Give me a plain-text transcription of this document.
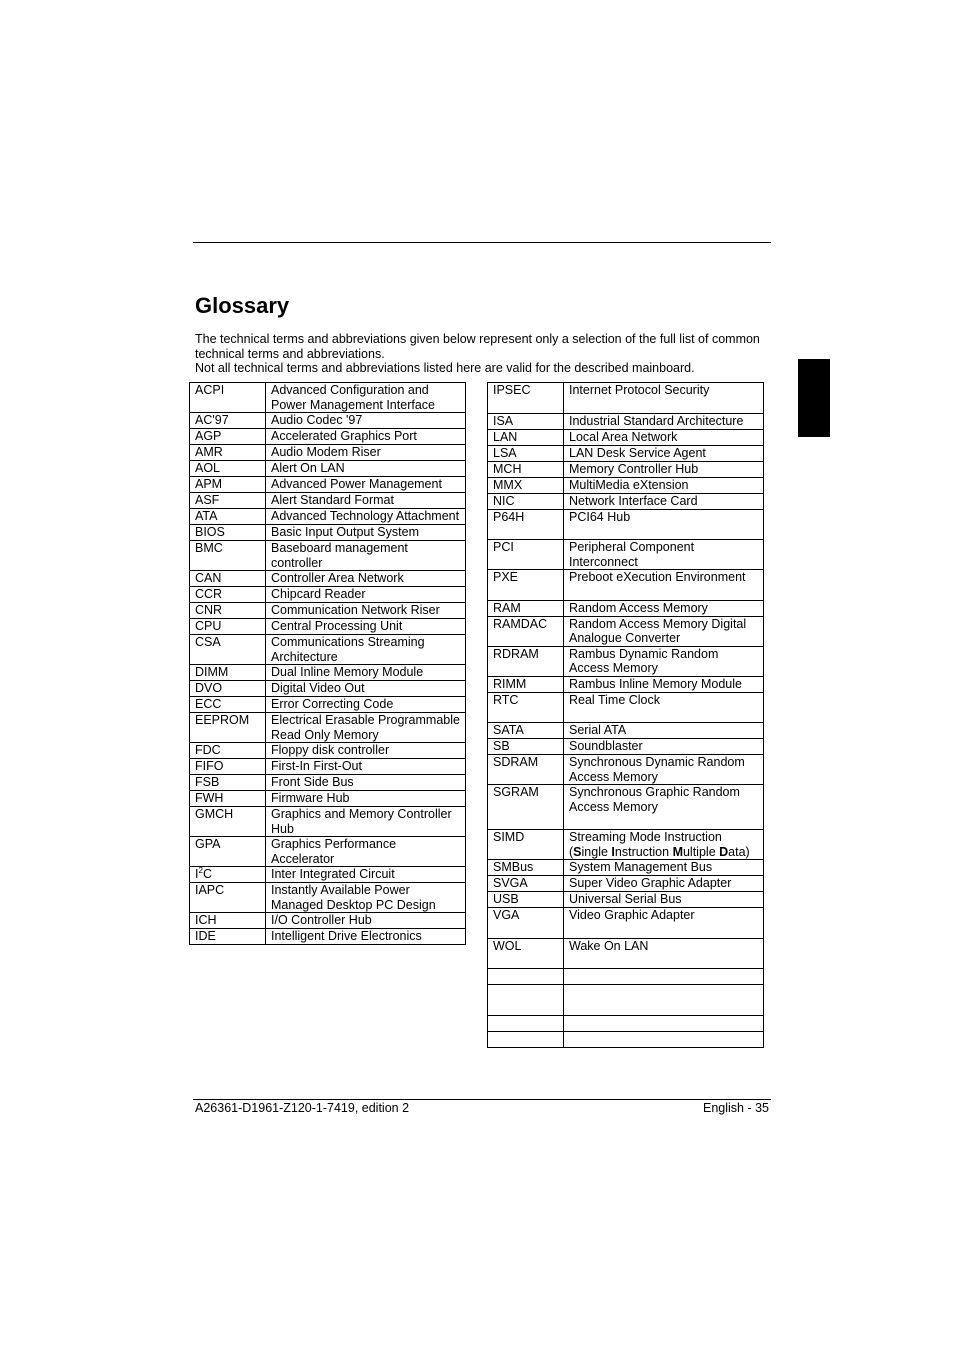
Glossary

The technical terms and abbreviations given below represent only a selection of the full list of common technical terms and abbreviations.

Not all technical terms and abbreviations listed here are valid for the described mainboard.

ACPI	Advanced Configuration and Power Management Interface
AC'97	Audio Codec '97
AGP	Accelerated Graphics Port
AMR	Audio Modem Riser
AOL	Alert On LAN
APM	Advanced Power Management
ASF	Alert Standard Format
ATA	Advanced Technology Attachment
BIOS	Basic Input Output System
BMC	Baseboard management controller
CAN	Controller Area Network
CCR	Chipcard Reader
CNR	Communication Network Riser
CPU	Central Processing Unit
CSA	Communications Streaming Architecture
DIMM	Dual Inline Memory Module
DVO	Digital Video Out
ECC	Error Correcting Code
EEPROM	Electrical Erasable Programmable Read Only Memory
FDC	Floppy disk controller
FIFO	First-In First-Out
FSB	Front Side Bus
FWH	Firmware Hub
GMCH	Graphics and Memory Controller Hub
GPA	Graphics Performance Accelerator
$I^2C$	Inter Integrated Circuit
IAPC	Instantly Available Power Managed Desktop PC Design
ICH	I/O Controller Hub
IDE	Intelligent Drive Electronics
IPSEC	Internet Protocol Security
ISA	Industrial Standard Architecture
LAN	Local Area Network
LSA	LAN Desk Service Agent
MCH	Memory Controller Hub
MMX	MultiMedia eXtension
NIC	Network Interface Card
P64H	PCI64 Hub
PCI	Peripheral Component Interconnect
PXE	Preboot eXecution Environment
RAM	Random Access Memory
RAMDAC	Random Access Memory Digital Analogue Converter
RDRAM	Rambus Dynamic Random Access Memory
RIMM	Rambus Inline Memory Module
RTC	Real Time Clock
SATA	Serial ATA
SB	Soundblaster
SDRAM	Synchronous Dynamic Random Access Memory
SGRAM	Synchronous Graphic Random Access Memory
SIMD	Streaming Mode Instruction (Single Instruction Multiple Data)
SMBus	System Management Bus
SVGA	Super Video Graphic Adapter
USB	Universal Serial Bus
VGA	Video Graphic Adapter
WOL	Wake On LAN

A26361-D1961-Z120-1-7419, edition 2	English - 35
